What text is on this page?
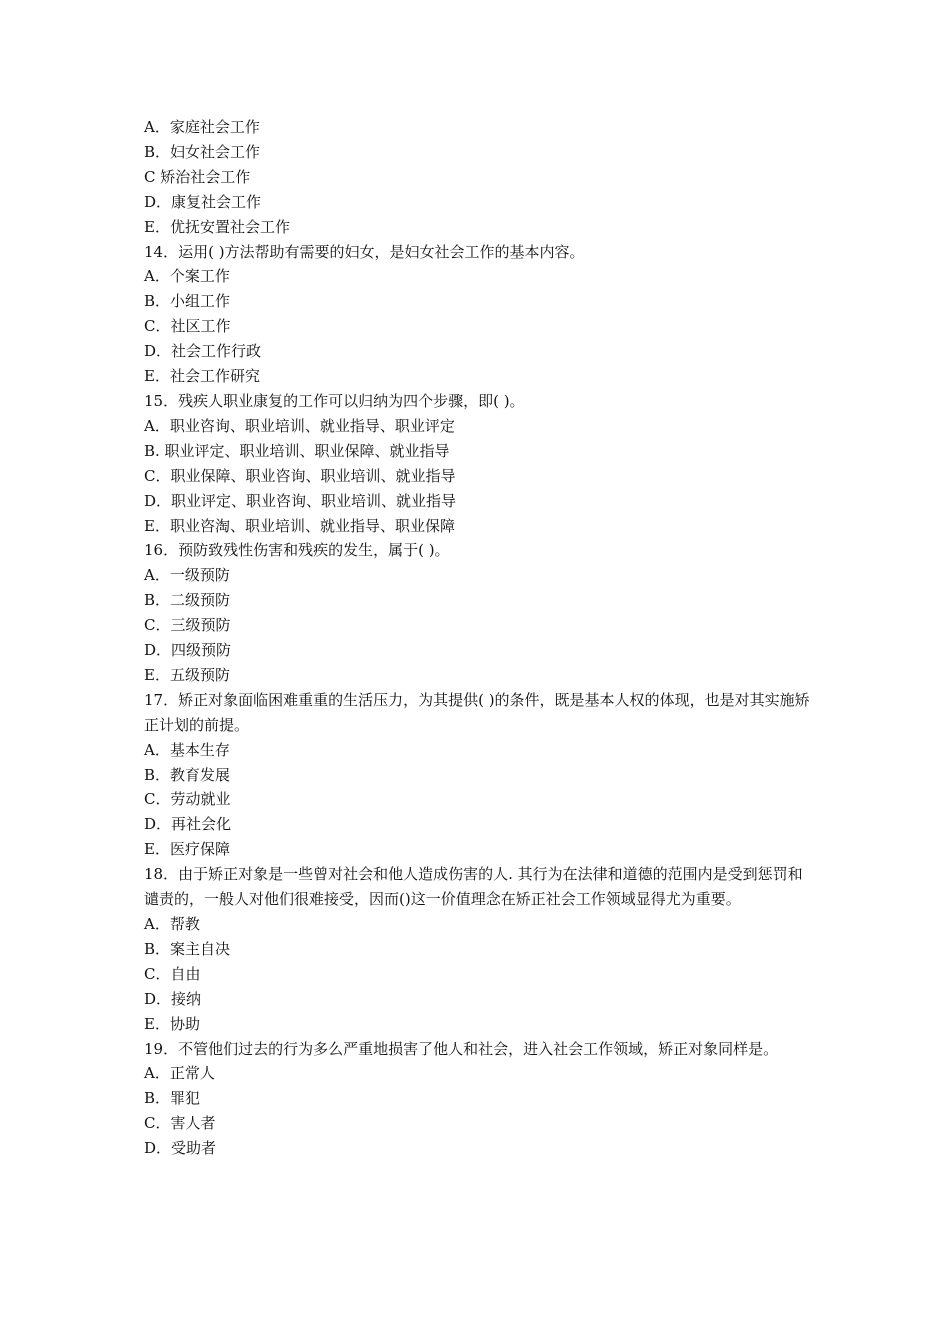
A．家庭社会工作

B．妇女社会工作

C 矫治社会工作

D．康复社会工作

E．优抚安置社会工作

14．运用( )方法帮助有需要的妇女，是妇女社会工作的基本内容。

A．个案工作

B．小组工作

C．社区工作

D．社会工作行政

E．社会工作研究

15．残疾人职业康复的工作可以归纳为四个步骤，即( )。

A．职业咨询、职业培训、就业指导、职业评定

B. 职业评定、职业培训、职业保障、就业指导

C．职业保障、职业咨询、职业培训、就业指导

D．职业评定、职业咨询、职业培训、就业指导

E．职业咨淘、职业培训、就业指导、职业保障

16．预防致残性伤害和残疾的发生，属于( )。

A．一级预防

B．二级预防

C．三级预防

D．四级预防

E．五级预防

17．矫正对象面临困难重重的生活压力，为其提供( )的条件，既是基本人权的体现，也是对其实施矫正计划的前提。

A．基本生存

B．教育发展

C．劳动就业

D．再社会化

E．医疗保障

18．由于矫正对象是一些曾对社会和他人造成伤害的人. 其行为在法律和道德的范围内是受到惩罚和谴责的，一般人对他们很难接受，因而()这一价值理念在矫正社会工作领域显得尤为重要。

A．帮教

B．案主自决

C．自由

D．接纳

E．协助

19．不管他们过去的行为多么严重地损害了他人和社会，进入社会工作领域，矫正对象同样是。

A．正常人

B．罪犯

C．害人者

D．受助者
